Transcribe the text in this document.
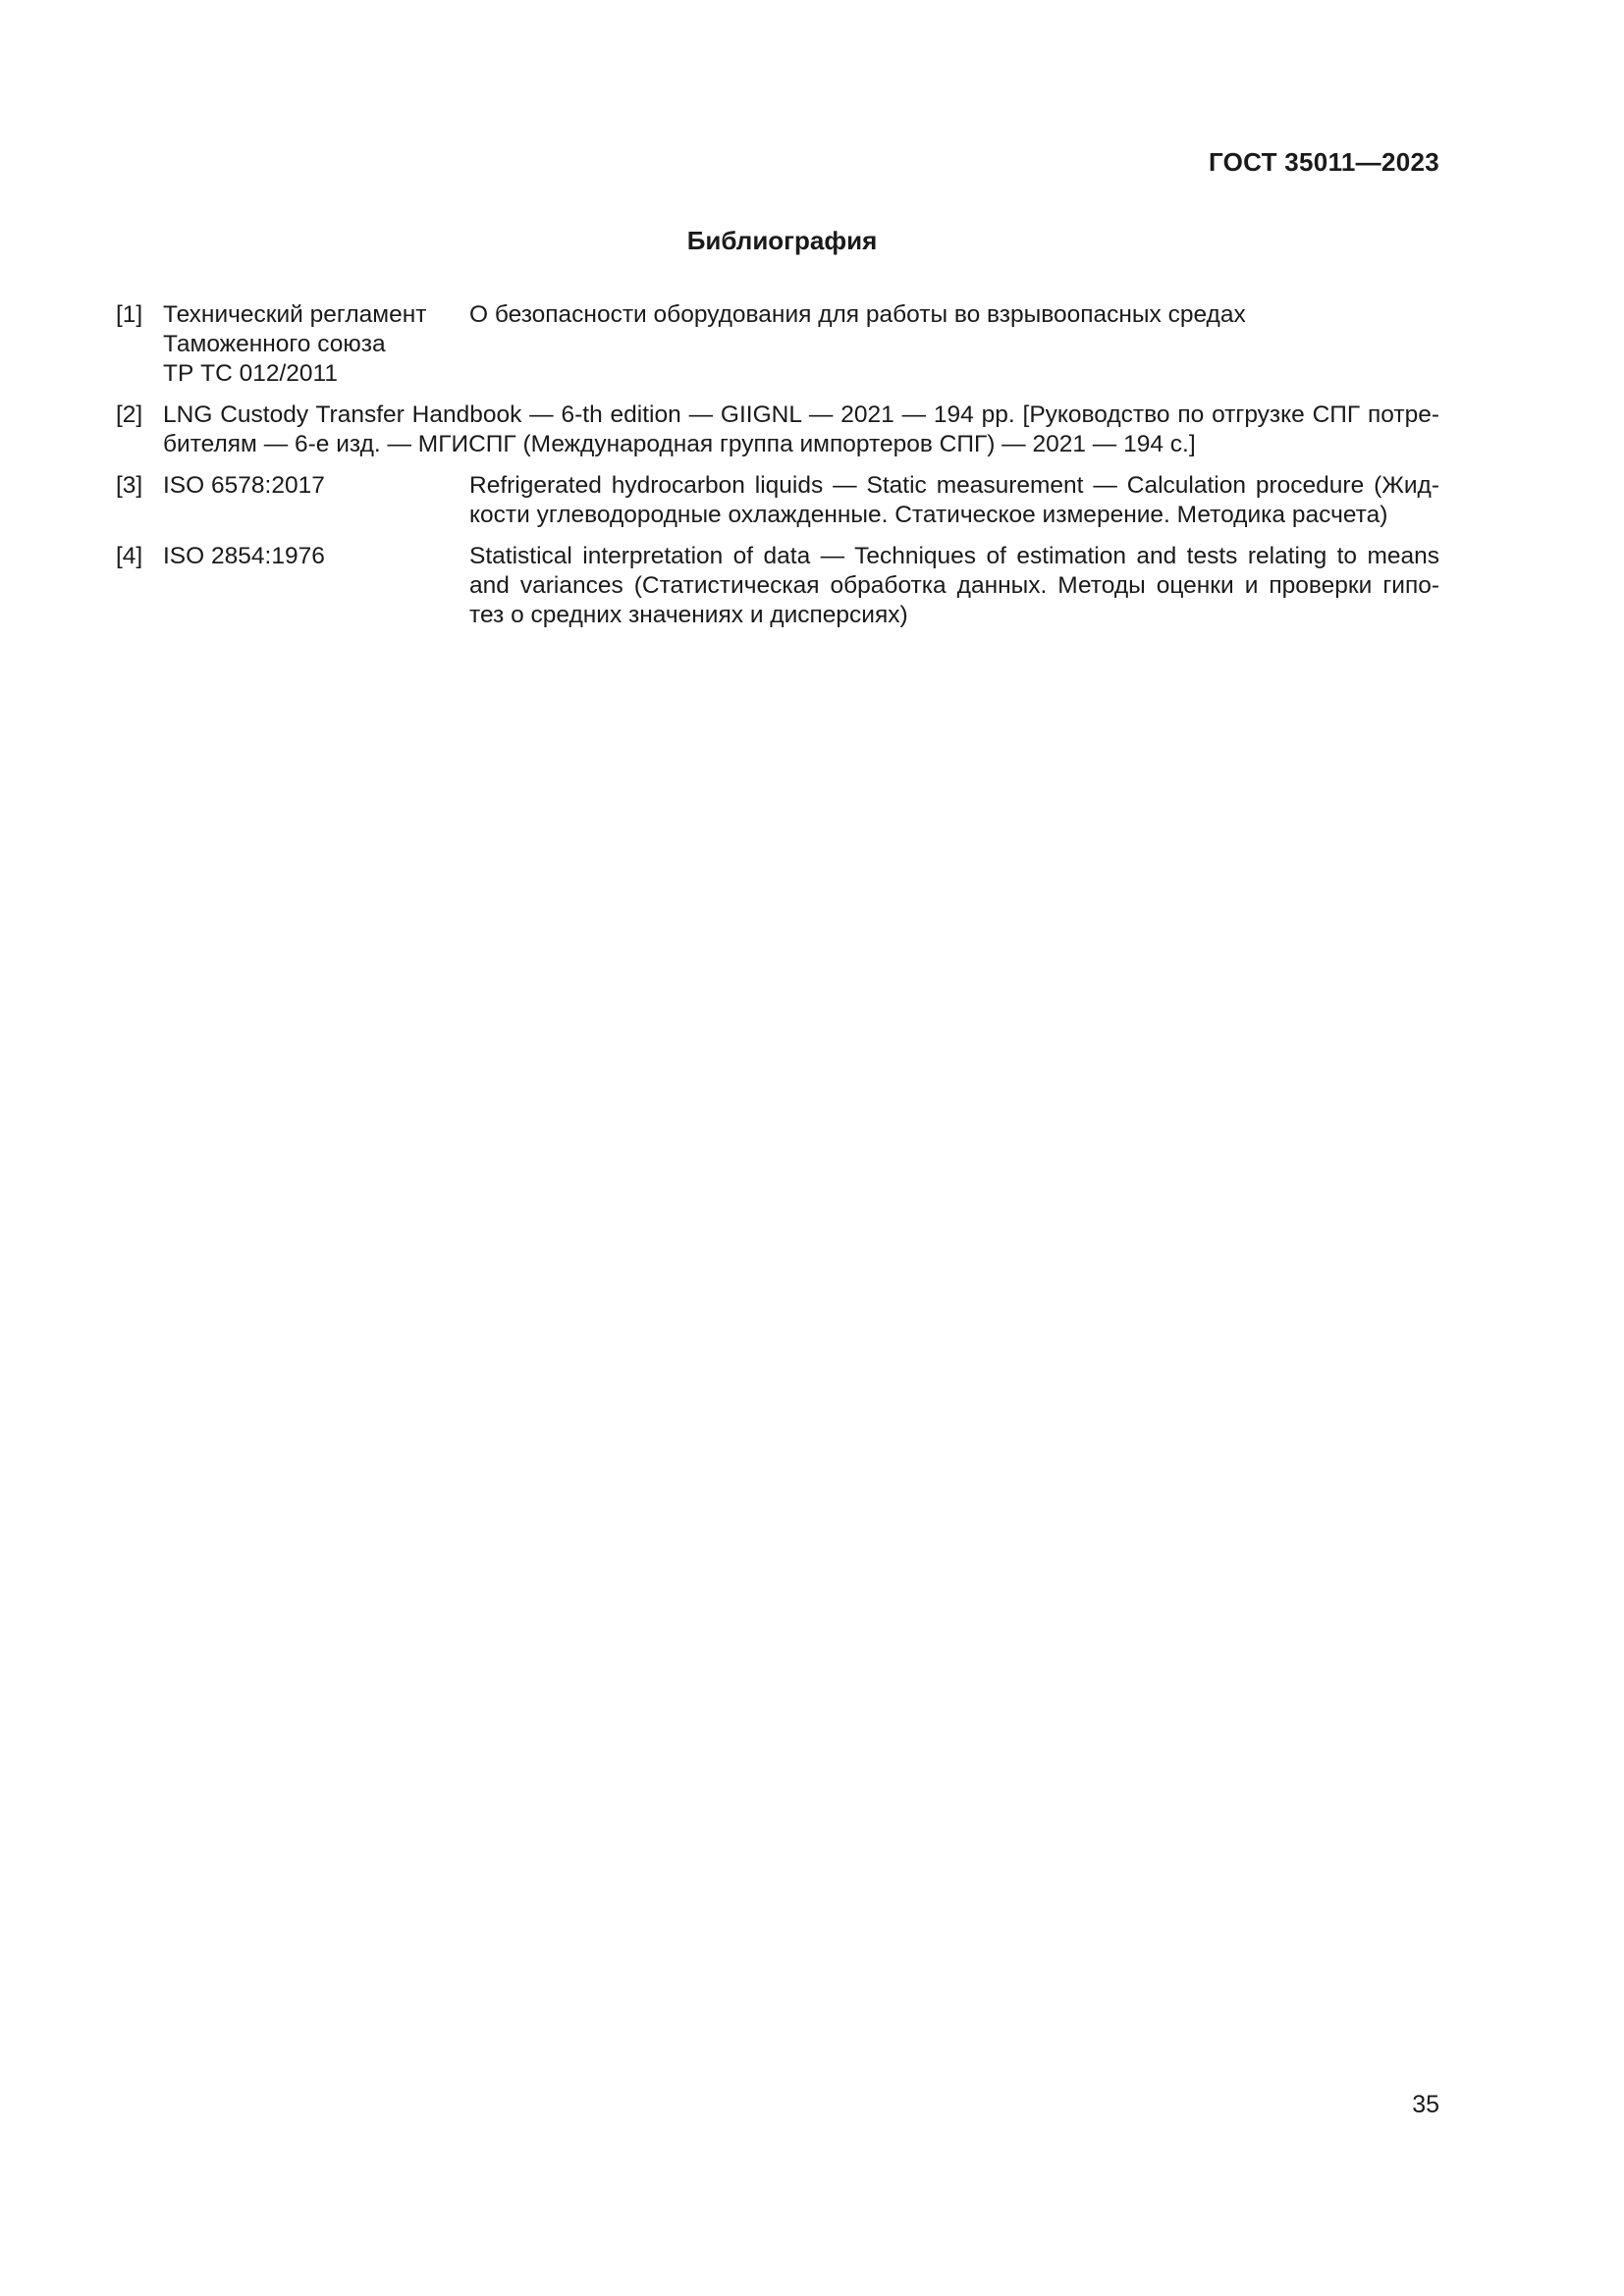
ГОСТ 35011—2023
Библиография
[1] Технический регламент
Таможенного союза
ТР ТС 012/2011
О безопасности оборудования для работы во взрывоопасных средах
[2] LNG Custody Transfer Handbook — 6-th edition — GIIGNL — 2021 — 194 pp. [Руководство по отгрузке СПГ потре-
бителям — 6-е изд. — МГИСПГ (Международная группа импортеров СПГ) — 2021 — 194 с.]
[3] ISO 6578:2017	Refrigerated hydrocarbon liquids — Static measurement — Calculation procedure (Жид-
кости углеводородные охлажденные. Статическое измерение. Методика расчета)
[4] ISO 2854:1976	Statistical interpretation of data — Techniques of estimation and tests relating to means
and variances (Статистическая обработка данных. Методы оценки и проверки гипо-
тез о средних значениях и дисперсиях)
35
